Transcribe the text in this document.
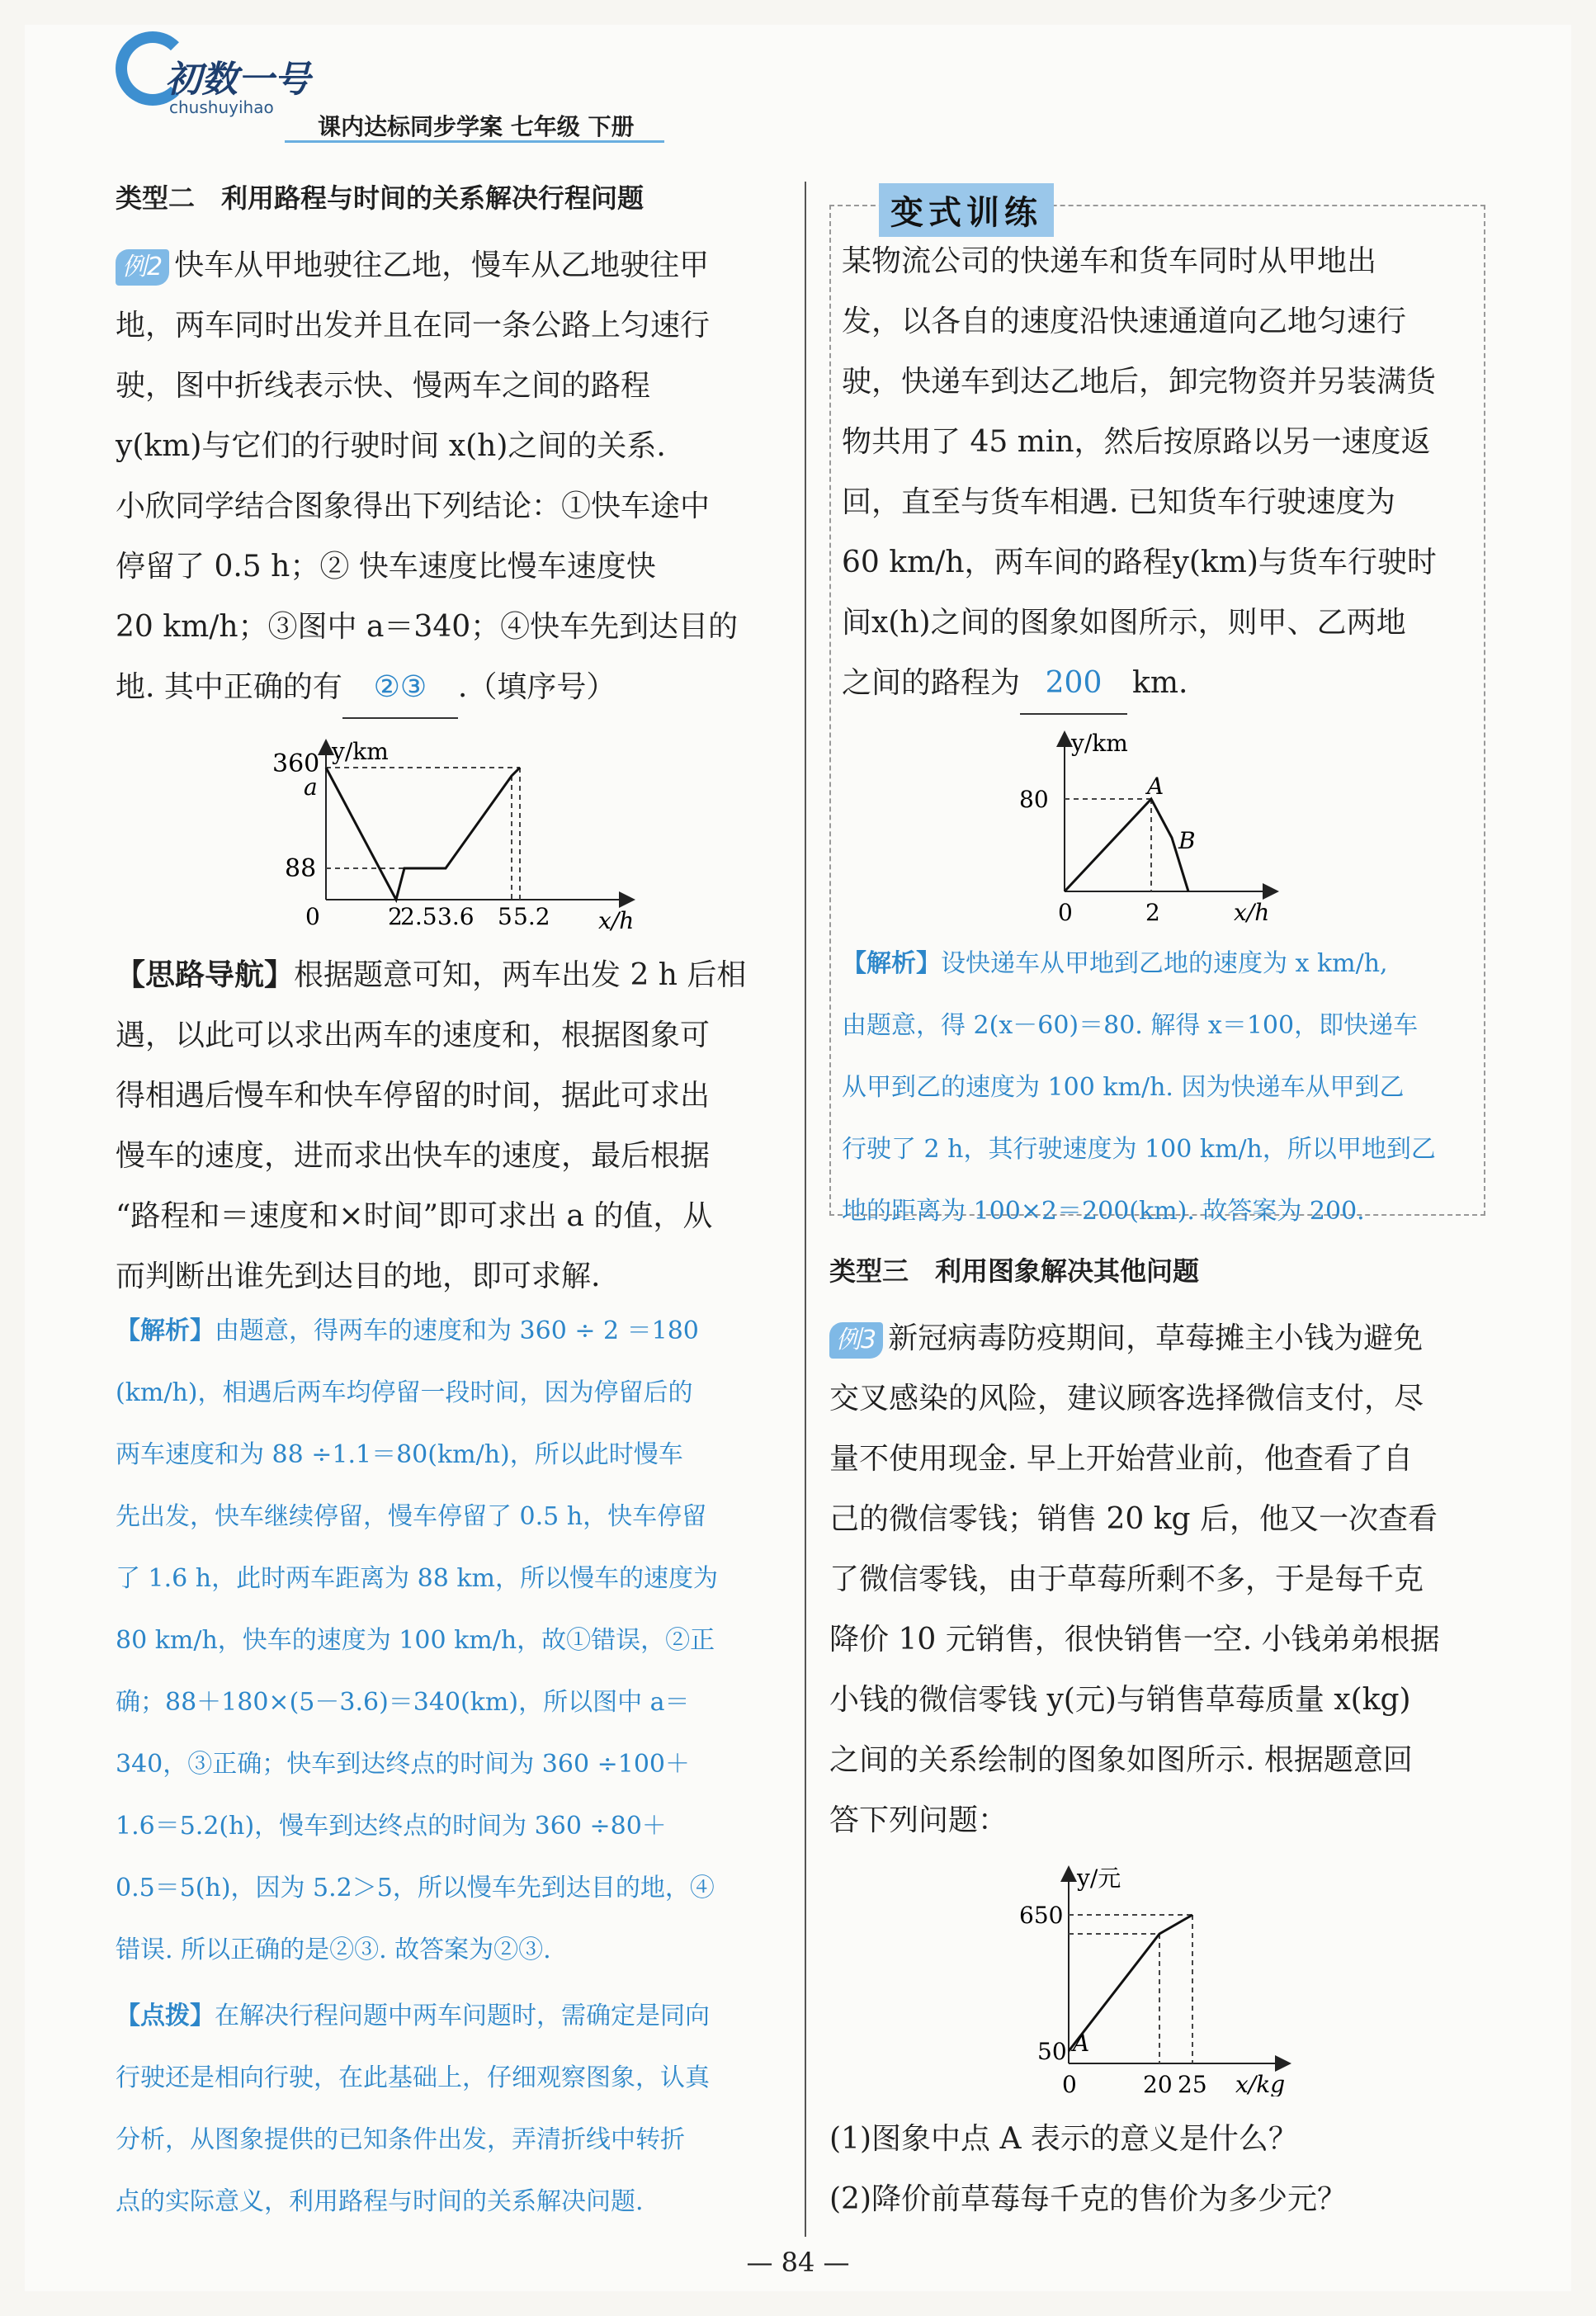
初数一号
chushuyihao
课内达标同步学案 七年级 下册
类型二　利用路程与时间的关系解决行程问题
例2 快车从甲地驶往乙地，慢车从乙地驶往甲
地，两车同时出发并且在同一条公路上匀速行
驶，图中折线表示快、慢两车之间的路程
y(km)与它们的行驶时间 x(h)之间的关系.
小欣同学结合图象得出下列结论：①快车途中
停留了 0.5 h；② 快车速度比慢车速度快
20 km/h；③图中 a＝340；④快车先到达目的
地. 其中正确的有 ②③ .（填序号）
y/km
x/h
0
360
a
88
2
2.5 3.6 5 5.2
【思路导航】根据题意可知，两车出发 2 h 后相
遇，以此可以求出两车的速度和，根据图象可
得相遇后慢车和快车停留的时间，据此可求出
慢车的速度，进而求出快车的速度，最后根据
“路程和＝速度和×时间”即可求出 a 的值，从
而判断出谁先到达目的地，即可求解.
【解析】由题意，得两车的速度和为 360 ÷ 2 ＝180
(km/h)，相遇后两车均停留一段时间，因为停留后的
两车速度和为 88 ÷1.1＝80(km/h)，所以此时慢车
先出发，快车继续停留，慢车停留了 0.5 h，快车停留
了 1.6 h，此时两车距离为 88 km，所以慢车的速度为
80 km/h，快车的速度为 100 km/h，故①错误，②正
确；88＋180×(5－3.6)＝340(km)，所以图中 a＝
340，③正确；快车到达终点的时间为 360 ÷100＋
1.6＝5.2(h)，慢车到达终点的时间为 360 ÷80＋
0.5＝5(h)，因为 5.2＞5，所以慢车先到达目的地，④
错误. 所以正确的是②③. 故答案为②③.
【点拨】在解决行程问题中两车问题时，需确定是同向
行驶还是相向行驶，在此基础上，仔细观察图象，认真
分析，从图象提供的已知条件出发，弄清折线中转折
点的实际意义，利用路程与时间的关系解决问题.
变式训练
某物流公司的快递车和货车同时从甲地出
发，以各自的速度沿快速通道向乙地匀速行
驶，快递车到达乙地后，卸完物资并另装满货
物共用了 45 min，然后按原路以另一速度返
回，直至与货车相遇. 已知货车行驶速度为
60 km/h，两车间的路程y(km)与货车行驶时
间x(h)之间的图象如图所示，则甲、乙两地
之间的路程为 200 km.
y/km
x/h
0
80
2
A
B
【解析】设快递车从甲地到乙地的速度为 x km/h,
由题意，得 2(x－60)＝80. 解得 x＝100，即快递车
从甲到乙的速度为 100 km/h. 因为快递车从甲到乙
行驶了 2 h，其行驶速度为 100 km/h，所以甲地到乙
地的距离为 100×2＝200(km). 故答案为 200.
类型三　利用图象解决其他问题
例3 新冠病毒防疫期间，草莓摊主小钱为避免
交叉感染的风险，建议顾客选择微信支付，尽
量不使用现金. 早上开始营业前，他查看了自
己的微信零钱；销售 20 kg 后，他又一次查看
了微信零钱，由于草莓所剩不多，于是每千克
降价 10 元销售，很快销售一空. 小钱弟弟根据
小钱的微信零钱 y(元)与销售草莓质量 x(kg)
之间的关系绘制的图象如图所示. 根据题意回
答下列问题：
y/元
x/kg
0
650
50 A
20 25
(1)图象中点 A 表示的意义是什么？
(2)降价前草莓每千克的售价为多少元？
— 84 —
